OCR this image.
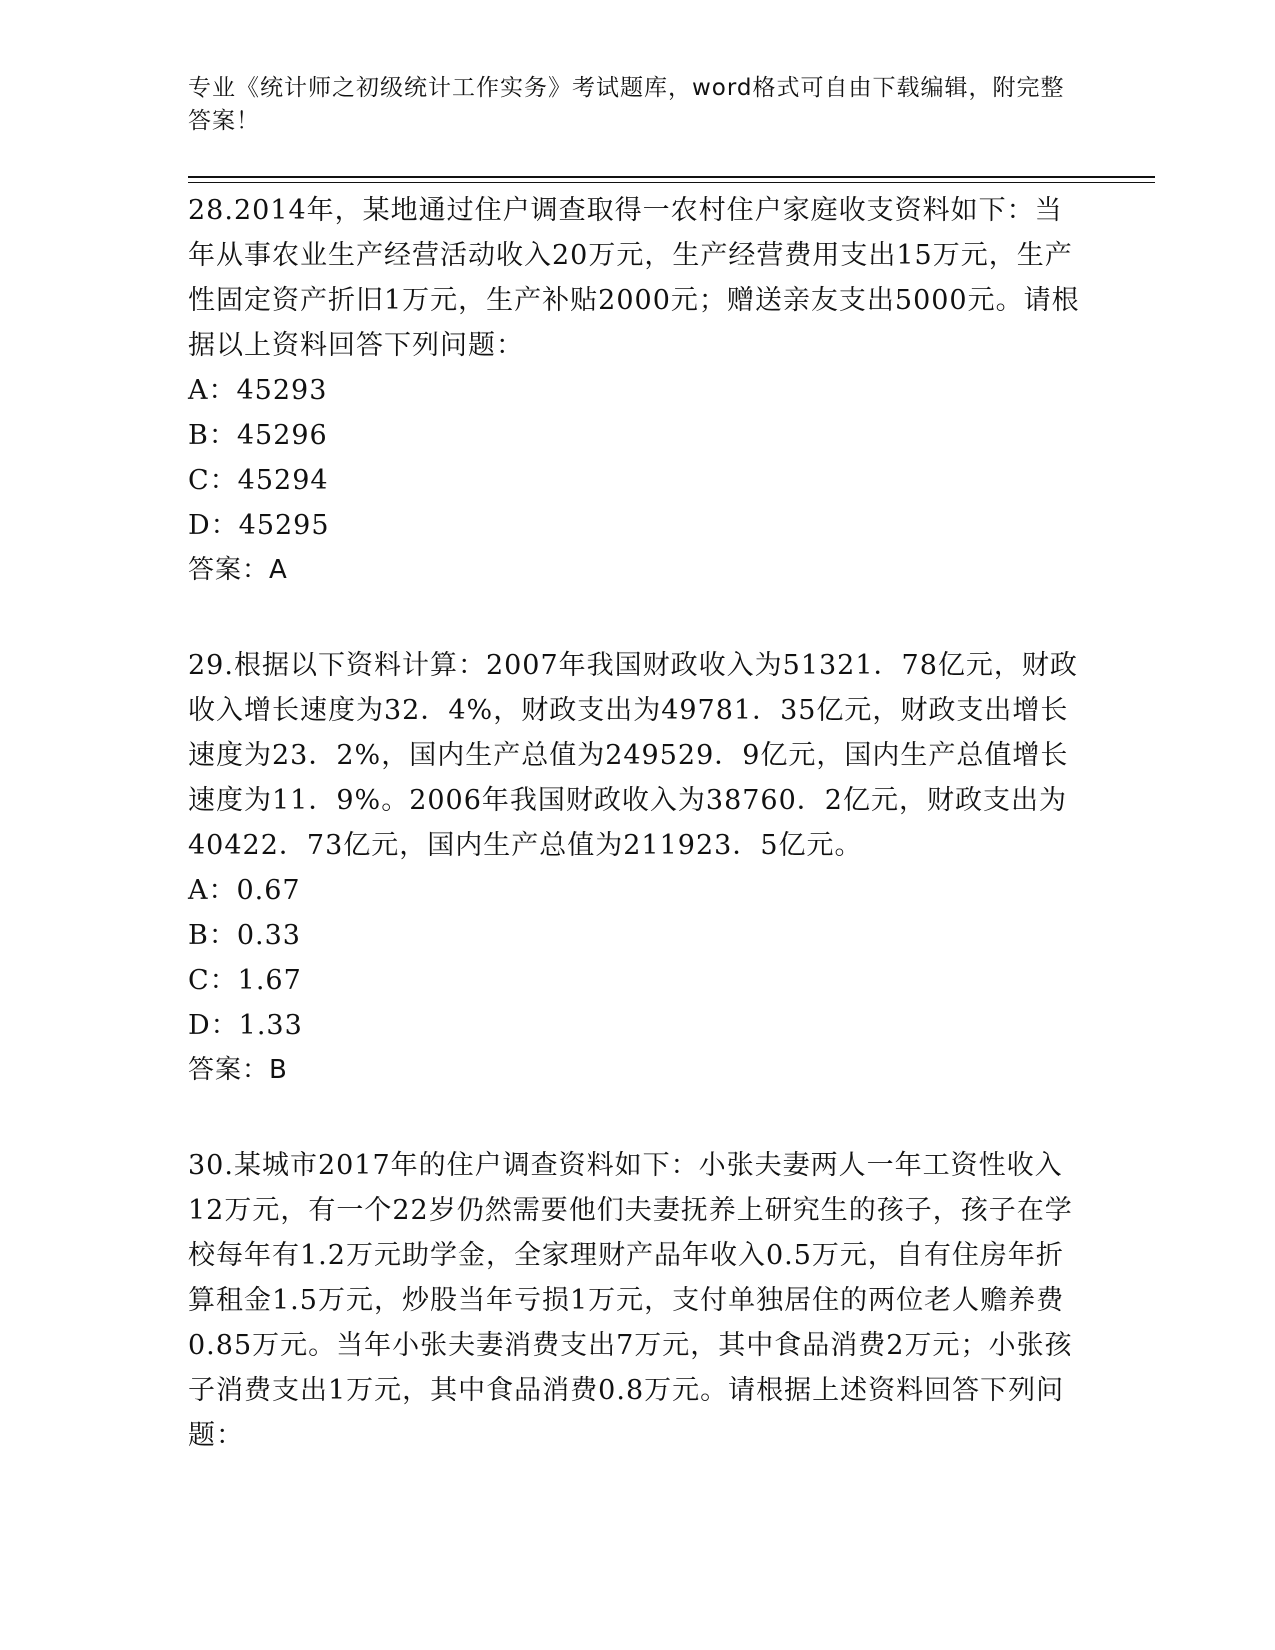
专业《统计师之初级统计工作实务》考试题库，word格式可自由下载编辑，附完整答案！

28.2014年，某地通过住户调查取得一农村住户家庭收支资料如下：当年从事农业生产经营活动收入20万元，生产经营费用支出15万元，生产性固定资产折旧1万元，生产补贴2000元；赠送亲友支出5000元。请根据以上资料回答下列问题：

A：45293
B：45296
C：45294
D：45295
答案：A

29.根据以下资料计算：2007年我国财政收入为51321．78亿元，财政收入增长速度为32．4%，财政支出为49781．35亿元，财政支出增长速度为23．2%，国内生产总值为249529．9亿元，国内生产总值增长速度为11．9%。2006年我国财政收入为38760．2亿元，财政支出为40422．73亿元，国内生产总值为211923．5亿元。

A：0.67
B：0.33
C：1.67
D：1.33
答案：B

30.某城市2017年的住户调查资料如下：小张夫妻两人一年工资性收入12万元，有一个22岁仍然需要他们夫妻抚养上研究生的孩子，孩子在学校每年有1.2万元助学金，全家理财产品年收入0.5万元，自有住房年折算租金1.5万元，炒股当年亏损1万元，支付单独居住的两位老人赡养费0.85万元。当年小张夫妻消费支出7万元，其中食品消费2万元；小张孩子消费支出1万元，其中食品消费0.8万元。请根据上述资料回答下列问题：
